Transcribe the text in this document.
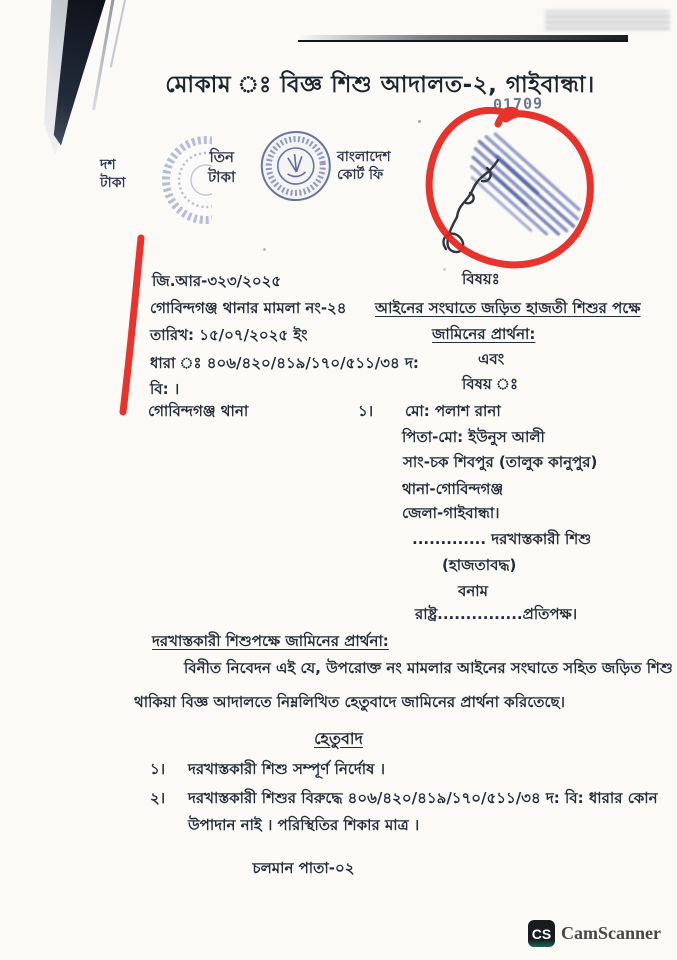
মোকাম ঃ বিজ্ঞ শিশু আদালত-২, গাইবান্ধা।
01709
দশ
টাকা
তিন
টাকা
বাংলাদেশ
কোর্ট ফি
জি.আর-৩২৩/২০২৫
গোবিন্দগঞ্জ থানার মামলা নং-২৪
তারিখ: ১৫/০৭/২০২৫ ইং
ধারা ঃ ৪০৬/৪২০/৪১৯/১৭০/৫১১/৩৪ দ:
বি: ।
গোবিন্দগঞ্জ থানা
বিষয়ঃ
আইনের সংঘাতে জড়িত হাজতী শিশুর পক্ষে
জামিনের প্রার্থনা:
এবং
বিষয় ঃ
১। মো: পলাশ রানা
পিতা-মো: ইউনুস আলী
সাং-চক শিবপুর (তালুক কানুপুর)
থানা-গোবিন্দগঞ্জ
জেলা-গাইবান্ধা।
............. দরখাস্তকারী শিশু
(হাজতাবদ্ধ)
বনাম
রাষ্ট্র...............প্রতিপক্ষ।
দরখাস্তকারী শিশুপক্ষে জামিনের প্রার্থনা:
বিনীত নিবেদন এই যে, উপরোক্ত নং মামলার আইনের সংঘাতে সহিত জড়িত শিশু
থাকিয়া বিজ্ঞ আদালতে নিম্নলিখিত হেতুবাদে জামিনের প্রার্থনা করিতেছে।
হেতুবাদ
১। দরখাস্তকারী শিশু সম্পূর্ণ নির্দোষ ।
২। দরখাস্তকারী শিশুর বিরুদ্ধে ৪০৬/৪২০/৪১৯/১৭০/৫১১/৩৪ দ: বি: ধারার কোন
উপাদান নাই । পরিস্থিতির শিকার মাত্র ।
চলমান পাতা-০২
CS CamScanner
